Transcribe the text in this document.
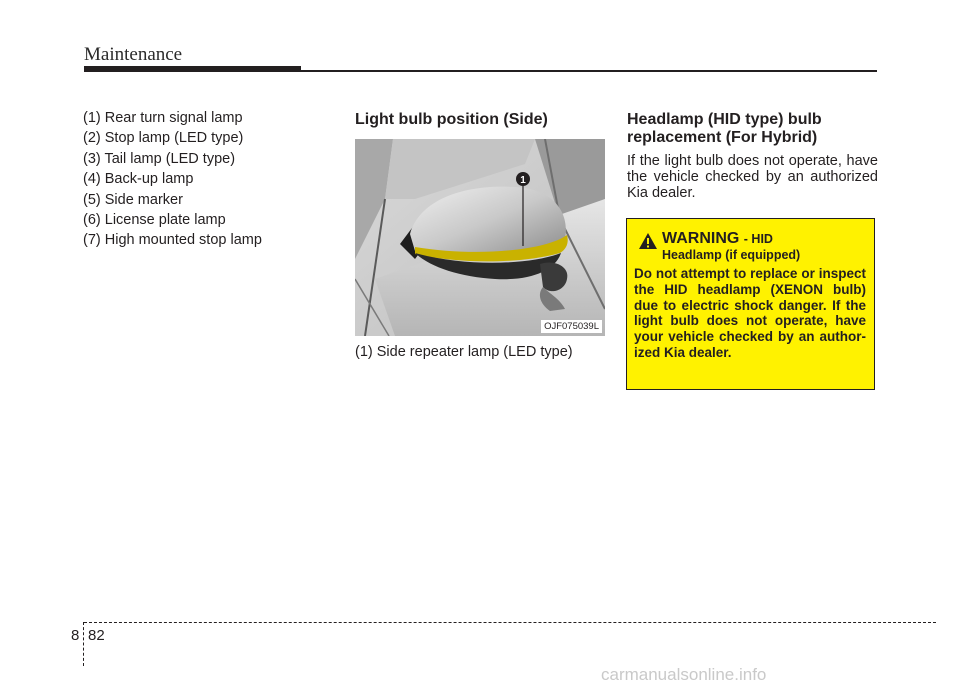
Maintenance

(1) Rear turn signal lamp

(2) Stop lamp (LED type)

(3) Tail lamp (LED type)

(4) Back-up lamp

(5) Side marker

(6) License plate lamp

(7) High mounted stop lamp

Light bulb position (Side)
1
OJF075039L
(1) Side repeater lamp (LED type)
Headlamp (HID type) bulb replacement (For Hybrid)

If the light bulb does not operate, have the vehicle checked by an authorized Kia dealer.

WARNING - HID
Headlamp (if equipped)

Do not attempt to replace or inspect the HID headlamp (XENON bulb) due to electric shock danger. If the light bulb does not operate, have your vehicle checked by an author-ized Kia dealer.

8 82
carmanualsonline.info
